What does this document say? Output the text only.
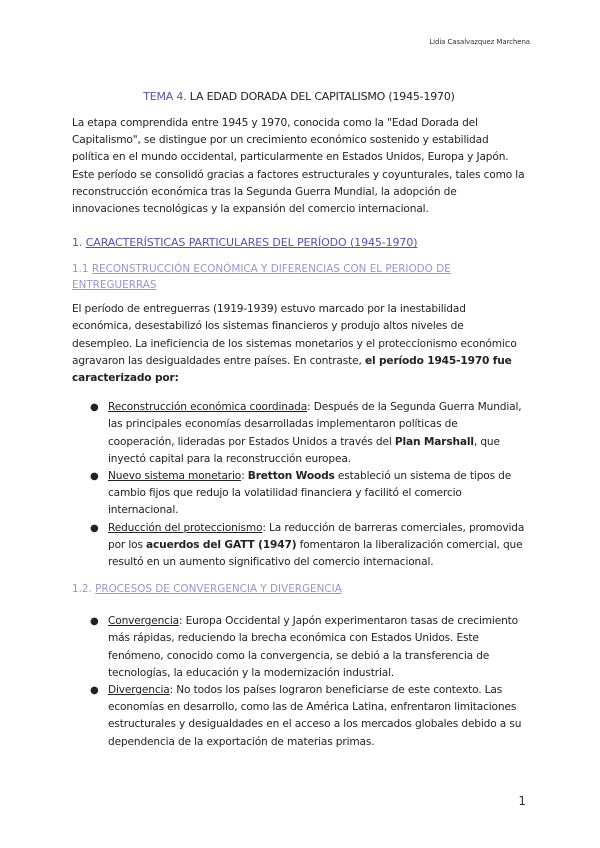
Lidia Casalvazquez Marchena
TEMA 4. LA EDAD DORADA DEL CAPITALISMO (1945-1970)

La etapa comprendida entre 1945 y 1970, conocida como la "Edad Dorada del Capitalismo", se distingue por un crecimiento económico sostenido y estabilidad política en el mundo occidental, particularmente en Estados Unidos, Europa y Japón. Este período se consolidó gracias a factores estructurales y coyunturales, tales como la reconstrucción económica tras la Segunda Guerra Mundial, la adopción de innovaciones tecnológicas y la expansión del comercio internacional.

1. CARACTERÍSTICAS PARTICULARES DEL PERÍODO (1945-1970)
1.1 RECONSTRUCCIÓN ECONÓMICA Y DIFERENCIAS CON EL PERIODO DE ENTREGUERRAS

El período de entreguerras (1919-1939) estuvo marcado por la inestabilidad económica, desestabilizó los sistemas financieros y produjo altos niveles de desempleo. La ineficiencia de los sistemas monetarios y el proteccionismo económico agravaron las desigualdades entre países. En contraste, el período 1945-1970 fue caracterizado por:

● Reconstrucción económica coordinada: Después de la Segunda Guerra Mundial, las principales economías desarrolladas implementaron políticas de cooperación, lideradas por Estados Unidos a través del Plan Marshall, que inyectó capital para la reconstrucción europea.
● Nuevo sistema monetario: Bretton Woods estableció un sistema de tipos de cambio fijos que redujo la volatilidad financiera y facilitó el comercio internacional.
● Reducción del proteccionismo: La reducción de barreras comerciales, promovida por los acuerdos del GATT (1947) fomentaron la liberalización comercial, que resultó en un aumento significativo del comercio internacional.
1.2. PROCESOS DE CONVERGENCIA Y DIVERGENCIA
● Convergencia: Europa Occidental y Japón experimentaron tasas de crecimiento más rápidas, reduciendo la brecha económica con Estados Unidos. Este fenómeno, conocido como la convergencia, se debió a la transferencia de tecnologías, la educación y la modernización industrial.
● Divergencia: No todos los países lograron beneficiarse de este contexto. Las economías en desarrollo, como las de América Latina, enfrentaron limitaciones estructurales y desigualdades en el acceso a los mercados globales debido a su dependencia de la exportación de materias primas.
1
